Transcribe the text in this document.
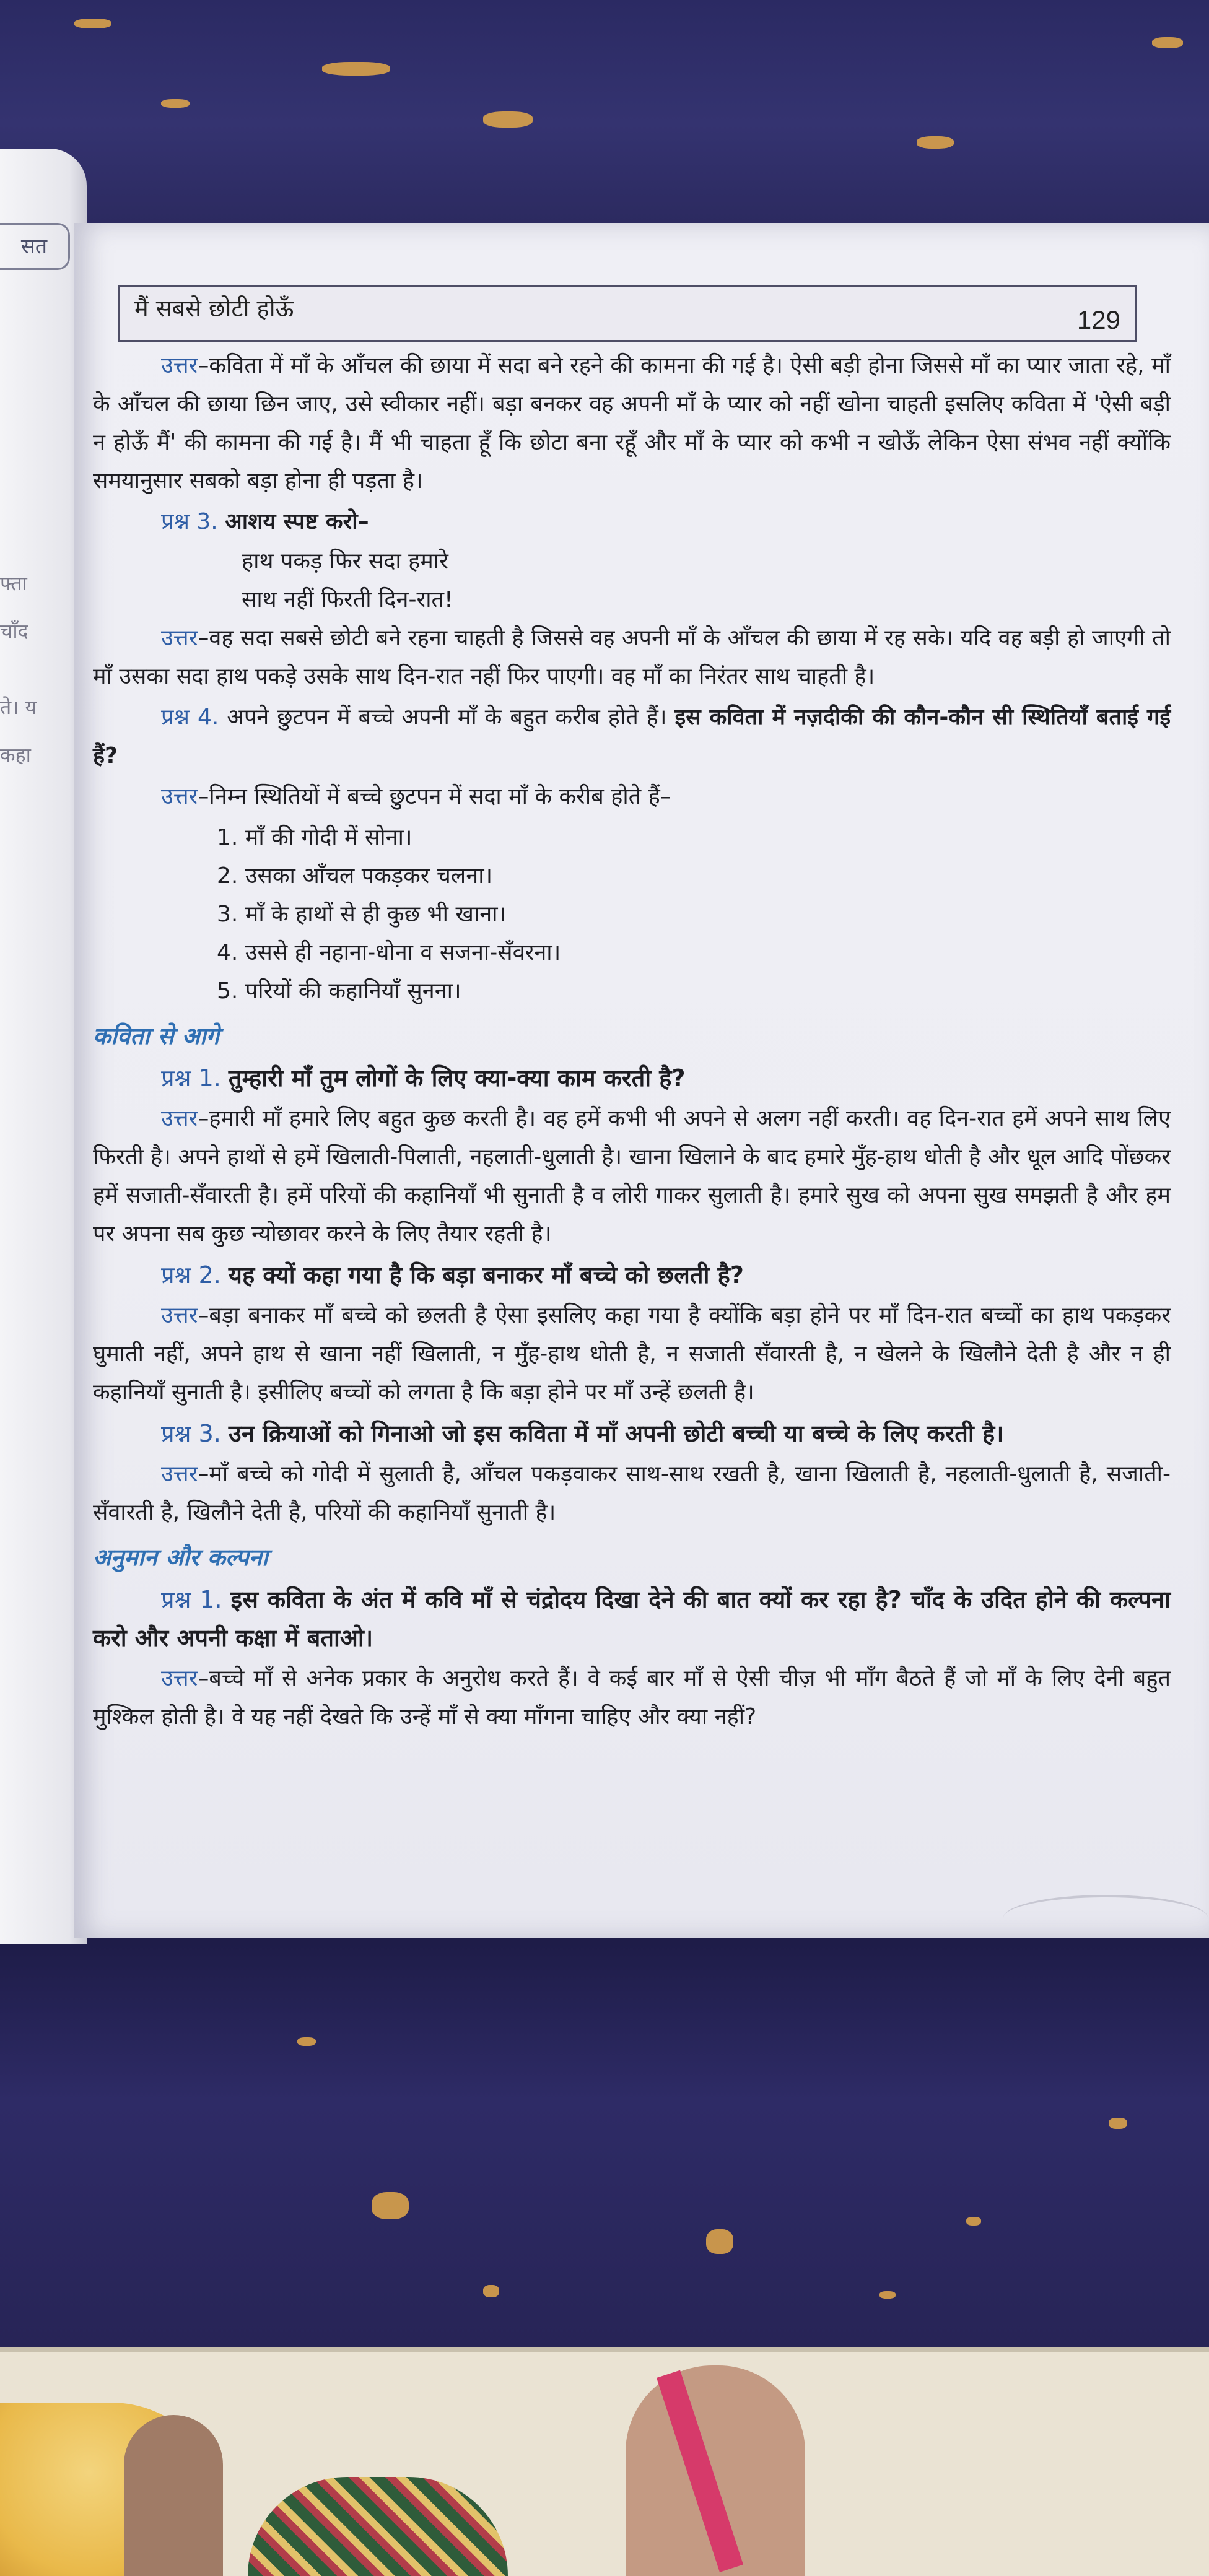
सत
फ्ता
चाँद
ते। य
कहा
मैं सबसे छोटी होऊँ	129

उत्तर–कविता में माँ के आँचल की छाया में सदा बने रहने की कामना की गई है। ऐसी बड़ी होना जिससे माँ का प्यार जाता रहे, माँ के आँचल की छाया छिन जाए, उसे स्वीकार नहीं। बड़ा बनकर वह अपनी माँ के प्यार को नहीं खोना चाहती इसलिए कविता में 'ऐसी बड़ी न होऊँ मैं' की कामना की गई है। मैं भी चाहता हूँ कि छोटा बना रहूँ और माँ के प्यार को कभी न खोऊँ लेकिन ऐसा संभव नहीं क्योंकि समयानुसार सबको बड़ा होना ही पड़ता है।

प्रश्न 3. आशय स्पष्ट करो–
हाथ पकड़ फिर सदा हमारे
साथ नहीं फिरती दिन-रात!

उत्तर–वह सदा सबसे छोटी बने रहना चाहती है जिससे वह अपनी माँ के आँचल की छाया में रह सके। यदि वह बड़ी हो जाएगी तो माँ उसका सदा हाथ पकड़े उसके साथ दिन-रात नहीं फिर पाएगी। वह माँ का निरंतर साथ चाहती है।

प्रश्न 4. अपने छुटपन में बच्चे अपनी माँ के बहुत करीब होते हैं। इस कविता में नज़दीकी की कौन-कौन सी स्थितियाँ बताई गई हैं?

उत्तर–निम्न स्थितियों में बच्चे छुटपन में सदा माँ के करीब होते हैं–

1. माँ की गोदी में सोना।
2. उसका आँचल पकड़कर चलना।
3. माँ के हाथों से ही कुछ भी खाना।
4. उससे ही नहाना-धोना व सजना-सँवरना।
5. परियों की कहानियाँ सुनना।
कविता से आगे

प्रश्न 1. तुम्हारी माँ तुम लोगों के लिए क्या-क्या काम करती है?

उत्तर–हमारी माँ हमारे लिए बहुत कुछ करती है। वह हमें कभी भी अपने से अलग नहीं करती। वह दिन-रात हमें अपने साथ लिए फिरती है। अपने हाथों से हमें खिलाती-पिलाती, नहलाती-धुलाती है। खाना खिलाने के बाद हमारे मुँह-हाथ धोती है और धूल आदि पोंछकर हमें सजाती-सँवारती है। हमें परियों की कहानियाँ भी सुनाती है व लोरी गाकर सुलाती है। हमारे सुख को अपना सुख समझती है और हम पर अपना सब कुछ न्योछावर करने के लिए तैयार रहती है।

प्रश्न 2. यह क्यों कहा गया है कि बड़ा बनाकर माँ बच्चे को छलती है?

उत्तर–बड़ा बनाकर माँ बच्चे को छलती है ऐसा इसलिए कहा गया है क्योंकि बड़ा होने पर माँ दिन-रात बच्चों का हाथ पकड़कर घुमाती नहीं, अपने हाथ से खाना नहीं खिलाती, न मुँह-हाथ धोती है, न सजाती सँवारती है, न खेलने के खिलौने देती है और न ही कहानियाँ सुनाती है। इसीलिए बच्चों को लगता है कि बड़ा होने पर माँ उन्हें छलती है।

प्रश्न 3. उन क्रियाओं को गिनाओ जो इस कविता में माँ अपनी छोटी बच्ची या बच्चे के लिए करती है।

उत्तर–माँ बच्चे को गोदी में सुलाती है, आँचल पकड़वाकर साथ-साथ रखती है, खाना खिलाती है, नहलाती-धुलाती है, सजाती-सँवारती है, खिलौने देती है, परियों की कहानियाँ सुनाती है।

अनुमान और कल्पना

प्रश्न 1. इस कविता के अंत में कवि माँ से चंद्रोदय दिखा देने की बात क्यों कर रहा है? चाँद के उदित होने की कल्पना करो और अपनी कक्षा में बताओ।

उत्तर–बच्चे माँ से अनेक प्रकार के अनुरोध करते हैं। वे कई बार माँ से ऐसी चीज़ भी माँग बैठते हैं जो माँ के लिए देनी बहुत मुश्किल होती है। वे यह नहीं देखते कि उन्हें माँ से क्या माँगना चाहिए और क्या नहीं?
